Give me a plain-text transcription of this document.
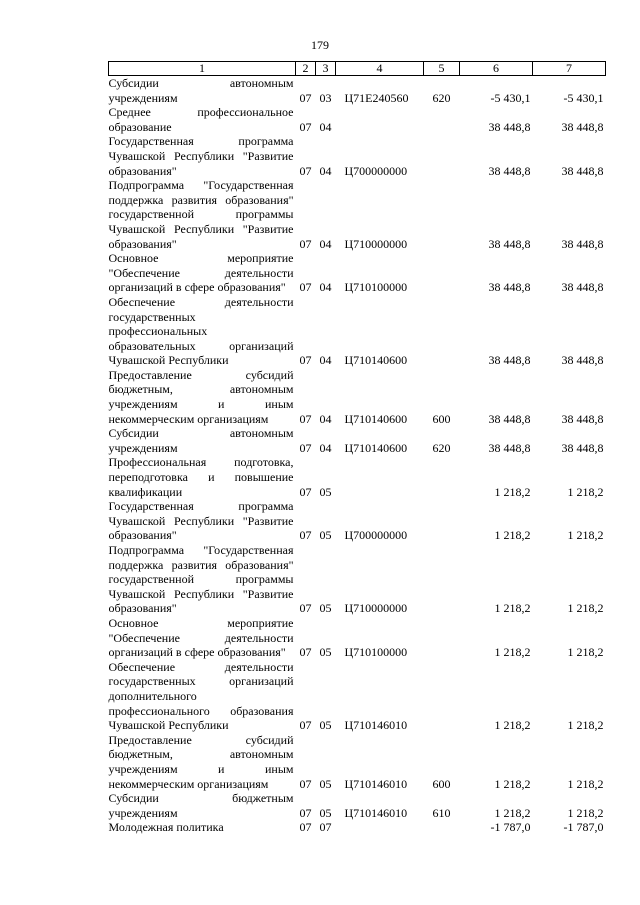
179
1	2	3	4	5	6	7
Субсидии автономным учреждениям	07	03	Ц71Е240560	620	-5 430,1	-5 430,1
Среднее профессиональное образование	07	04			38 448,8	38 448,8
Государственная программа Чувашской Республики "Развитие образования"	07	04	Ц700000000		38 448,8	38 448,8
Подпрограмма "Государственная поддержка развития образования" государственной программы Чувашской Республики "Развитие образования"	07	04	Ц710000000		38 448,8	38 448,8
Основное мероприятие "Обеспечение деятельности организаций в сфере образования"	07	04	Ц710100000		38 448,8	38 448,8
Обеспечение деятельности государственных профессиональных образовательных организаций Чувашской Республики	07	04	Ц710140600		38 448,8	38 448,8
Предоставление субсидий бюджетным, автономным учреждениям и иным некоммерческим организациям	07	04	Ц710140600	600	38 448,8	38 448,8
Субсидии автономным учреждениям	07	04	Ц710140600	620	38 448,8	38 448,8
Профессиональная подготовка, переподготовка и повышение квалификации	07	05			1 218,2	1 218,2
Государственная программа Чувашской Республики "Развитие образования"	07	05	Ц700000000		1 218,2	1 218,2
Подпрограмма "Государственная поддержка развития образования" государственной программы Чувашской Республики "Развитие образования"	07	05	Ц710000000		1 218,2	1 218,2
Основное мероприятие "Обеспечение деятельности организаций в сфере образования"	07	05	Ц710100000		1 218,2	1 218,2
Обеспечение деятельности государственных организаций дополнительного профессионального образования Чувашской Республики	07	05	Ц710146010		1 218,2	1 218,2
Предоставление субсидий бюджетным, автономным учреждениям и иным некоммерческим организациям	07	05	Ц710146010	600	1 218,2	1 218,2
Субсидии бюджетным учреждениям	07	05	Ц710146010	610	1 218,2	1 218,2
Молодежная политика	07	07			-1 787,0	-1 787,0
